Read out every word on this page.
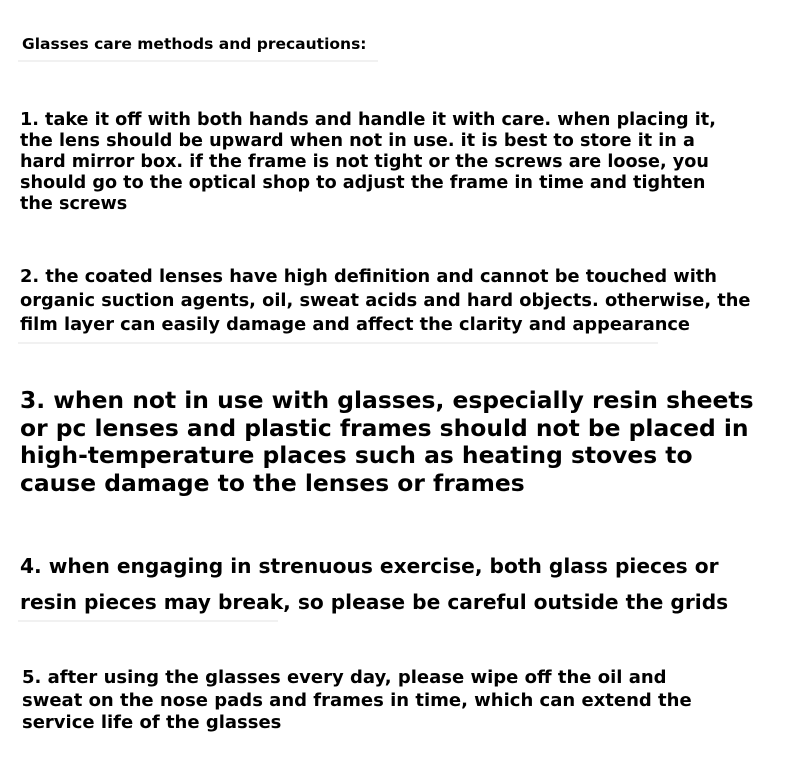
Glasses care methods and precautions:
1. take it off with both hands and handle it with care. when placing it,
the lens should be upward when not in use. it is best to store it in a
hard mirror box. if the frame is not tight or the screws are loose, you
should go to the optical shop to adjust the frame in time and tighten
the screws
2. the coated lenses have high definition and cannot be touched with
organic suction agents, oil, sweat acids and hard objects. otherwise, the
film layer can easily damage and affect the clarity and appearance
3. when not in use with glasses, especially resin sheets
or pc lenses and plastic frames should not be placed in
high-temperature places such as heating stoves to
cause damage to the lenses or frames
4. when engaging in strenuous exercise, both glass pieces or
resin pieces may break, so please be careful outside the grids
5. after using the glasses every day, please wipe off the oil and
sweat on the nose pads and frames in time, which can extend the
service life of the glasses
